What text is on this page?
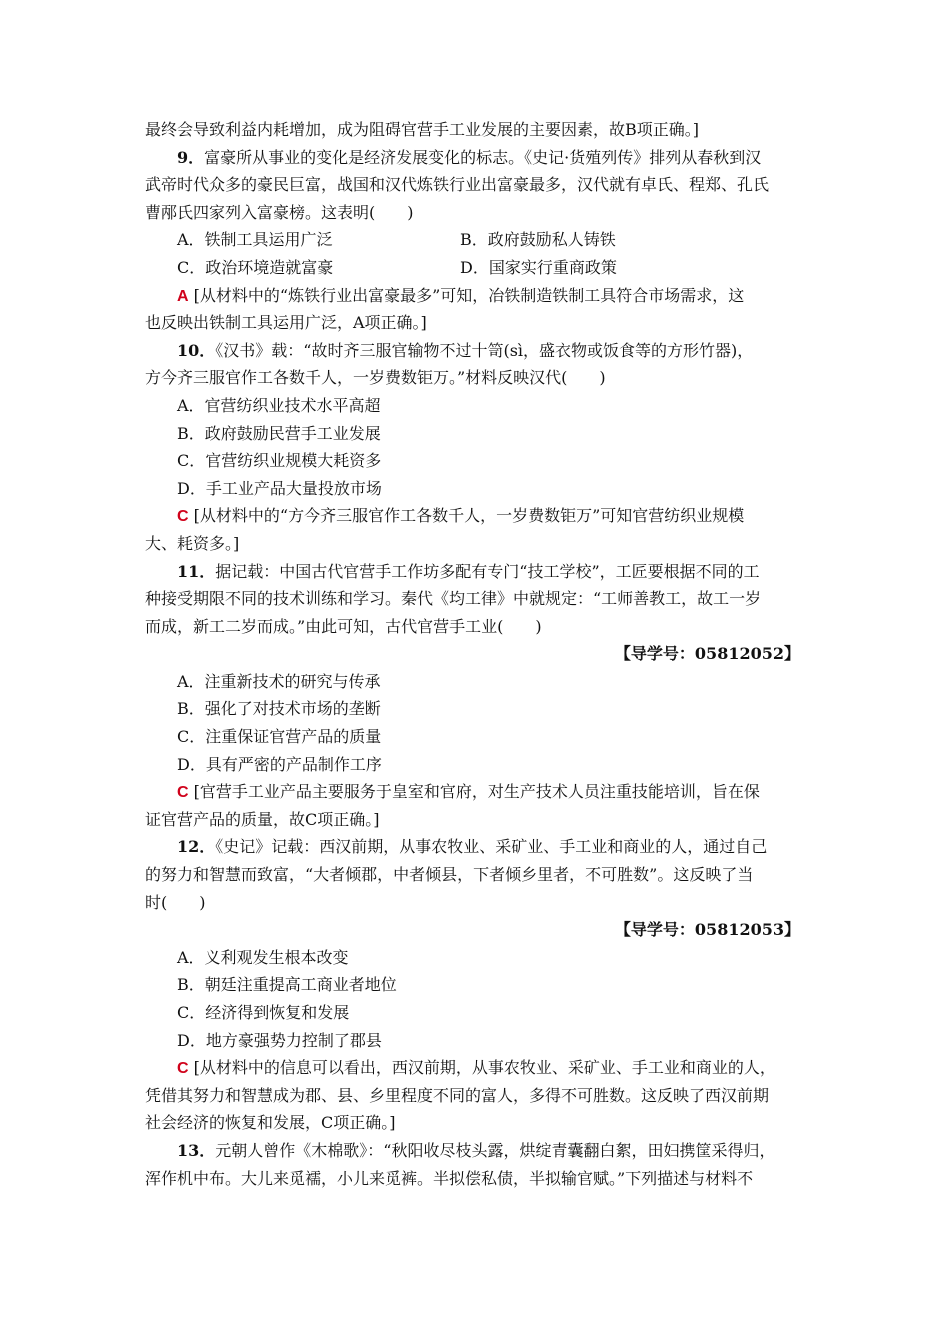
最终会导致利益内耗增加，成为阻碍官营手工业发展的主要因素，故B项正确。]
9．富豪所从事业的变化是经济发展变化的标志。《史记·货殖列传》排列从春秋到汉
武帝时代众多的豪民巨富，战国和汉代炼铁行业出富豪最多，汉代就有卓氏、程郑、孔氏
曹邴氏四家列入富豪榜。这表明(　　)
A．铁制工具运用广泛	B．政府鼓励私人铸铁
C．政治环境造就富豪	D．国家实行重商政策
A [从材料中的“炼铁行业出富豪最多”可知，冶铁制造铁制工具符合市场需求，这
也反映出铁制工具运用广泛，A项正确。]
10．《汉书》载：“故时齐三服官输物不过十笥(sì，盛衣物或饭食等的方形竹器)，
方今齐三服官作工各数千人，一岁费数钜万。”材料反映汉代(　　)
A．官营纺织业技术水平高超
B．政府鼓励民营手工业发展
C．官营纺织业规模大耗资多
D．手工业产品大量投放市场
C [从材料中的“方今齐三服官作工各数千人，一岁费数钜万”可知官营纺织业规模
大、耗资多。]
11．据记载：中国古代官营手工作坊多配有专门“技工学校”，工匠要根据不同的工
种接受期限不同的技术训练和学习。秦代《均工律》中就规定：“工师善教工，故工一岁
而成，新工二岁而成。”由此可知，古代官营手工业(　　)
【导学号：05812052】
A．注重新技术的研究与传承
B．强化了对技术市场的垄断
C．注重保证官营产品的质量
D．具有严密的产品制作工序
C [官营手工业产品主要服务于皇室和官府，对生产技术人员注重技能培训，旨在保
证官营产品的质量，故C项正确。]
12．《史记》记载：西汉前期，从事农牧业、采矿业、手工业和商业的人，通过自己
的努力和智慧而致富，“大者倾郡，中者倾县，下者倾乡里者，不可胜数”。这反映了当
时(　　)
【导学号：05812053】
A．义利观发生根本改变
B．朝廷注重提高工商业者地位
C．经济得到恢复和发展
D．地方豪强势力控制了郡县
C [从材料中的信息可以看出，西汉前期，从事农牧业、采矿业、手工业和商业的人，
凭借其努力和智慧成为郡、县、乡里程度不同的富人，多得不可胜数。这反映了西汉前期
社会经济的恢复和发展，C项正确。]
13．元朝人曾作《木棉歌》：“秋阳收尽枝头露，烘绽青囊翻白絮，田妇携筐采得归，
浑作机中布。大儿来觅襦，小儿来觅裤。半拟偿私债，半拟输官赋。”下列描述与材料不
